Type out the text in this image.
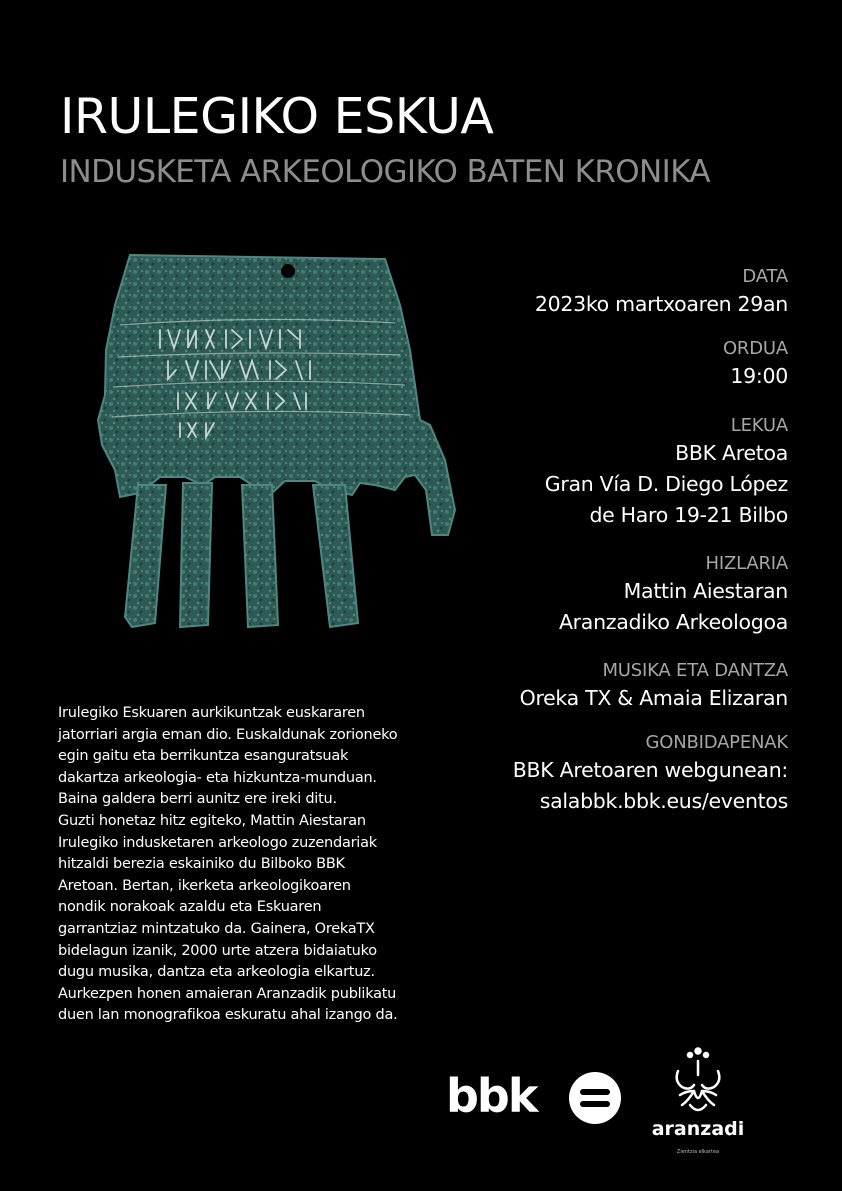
IRULEGIKO ESKUA
INDUSKETA ARKEOLOGIKO BATEN KRONIKA
DATA
2023ko martxoaren 29an
ORDUA
19:00
LEKUA
BBK Aretoa
Gran Vía D. Diego López
de Haro 19-21 Bilbo
HIZLARIA
Mattin Aiestaran
Aranzadiko Arkeologoa
MUSIKA ETA DANTZA
Oreka TX & Amaia Elizaran
GONBIDAPENAK
BBK Aretoaren webgunean:
salabbk.bbk.eus/eventos
Irulegiko Eskuaren aurkikuntzak euskararen
jatorriari argia eman dio. Euskaldunak zorioneko
egin gaitu eta berrikuntza esanguratsuak
dakartza arkeologia- eta hizkuntza-munduan.
Baina galdera berri aunitz ere ireki ditu.
Guzti honetaz hitz egiteko, Mattin Aiestaran
Irulegiko indusketaren arkeologo zuzendariak
hitzaldi berezia eskainiko du Bilboko BBK
Aretoan. Bertan, ikerketa arkeologikoaren
nondik norakoak azaldu eta Eskuaren
garrantziaz mintzatuko da. Gainera, OrekaTX
bidelagun izanik, 2000 urte atzera bidaiatuko
dugu musika, dantza eta arkeologia elkartuz.
Aurkezpen honen amaieran Aranzadik publikatu
duen lan monografikoa eskuratu ahal izango da.
bbk
aranzadi
Zientzia elkartea
